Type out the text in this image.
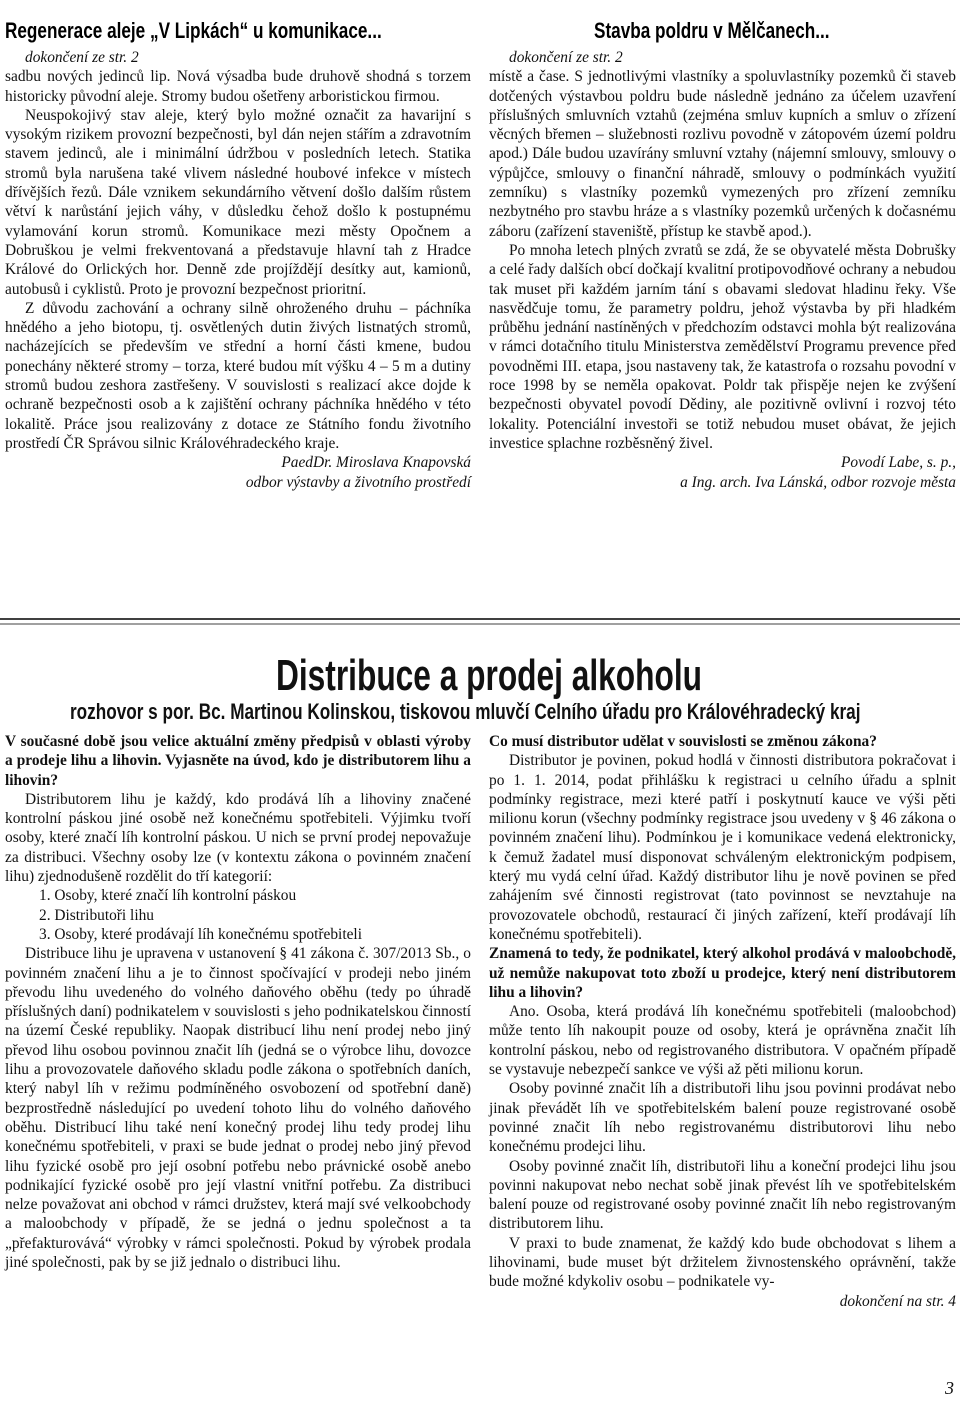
Regenerace aleje „V Lipkách“ u komunikace...

dokončení ze str. 2

sadbu nových jedinců lip. Nová výsadba bude druhově shodná s torzem historicky původní aleje. Stromy budou ošetřeny arboristickou firmou.

Neuspokojivý stav aleje, který bylo možné označit za havarijní s vysokým rizikem provozní bezpečnosti, byl dán nejen stářím a zdravotním stavem jedinců, ale i minimální údržbou v posledních letech. Statika stromů byla narušena také vlivem následné houbové infekce v místech dřívějších řezů. Dále vznikem sekundárního větvení došlo dalším růstem větví k narůstání jejich váhy, v důsledku čehož došlo k postupnému vylamování korun stromů. Komunikace mezi městy Opočnem a Dobruškou je velmi frekventovaná a představuje hlavní tah z Hradce Králové do Orlických hor. Denně zde projíždějí desítky aut, kamionů, autobusů i cyklistů. Proto je provozní bezpečnost prioritní.

Z důvodu zachování a ochrany silně ohroženého druhu – páchníka hnědého a jeho biotopu, tj. osvětlených dutin živých listnatých stromů, nacházejících se především ve střední a horní části kmene, budou ponechány některé stromy – torza, které budou mít výšku 4 – 5 m a dutiny stromů budou zeshora zastřešeny. V souvislosti s realizací akce dojde k ochraně bezpečnosti osob a k zajištění ochrany páchníka hnědého v této lokalitě. Práce jsou realizovány z dotace ze Státního fondu životního prostředí ČR Správou silnic Královéhradeckého kraje.

PaedDr. Miroslava Knapovská

odbor výstavby a životního prostředí

Stavba poldru v Mělčanech...

dokončení ze str. 2

místě a čase. S jednotlivými vlastníky a spoluvlastníky pozemků či staveb dotčených výstavbou poldru bude následně jednáno za účelem uzavření příslušných smluvních vztahů (zejména smluv kupních a smluv o zřízení věcných břemen – služebnosti rozlivu povodně v zátopovém území poldru apod.) Dále budou uzavírány smluvní vztahy (nájemní smlouvy, smlouvy o výpůjčce, smlouvy o finanční náhradě, smlouvy o podmínkách využití zemníku) s vlastníky pozemků vymezených pro zřízení zemníku nezbytného pro stavbu hráze a s vlastníky pozemků určených k dočasnému záboru (zařízení staveniště, přístup ke stavbě apod.).

Po mnoha letech plných zvratů se zdá, že se obyvatelé města Dobrušky a celé řady dalších obcí dočkají kvalitní protipovodňové ochrany a nebudou tak muset při každém jarním tání s obavami sledovat hladinu řeky. Vše nasvědčuje tomu, že parametry poldru, jehož výstavba by při hladkém průběhu jednání nastíněných v předchozím odstavci mohla být realizována v rámci dotačního titulu Ministerstva zemědělství Programu prevence před povodněmi III. etapa, jsou nastaveny tak, že katastrofa o rozsahu povodní v roce 1998 by se neměla opakovat. Poldr tak přispěje nejen ke zvýšení bezpečnosti obyvatel povodí Dědiny, ale pozitivně ovlivní i rozvoj této lokality. Potenciální investoři se totiž nebudou muset obávat, že jejich investice splachne rozběsněný živel.

Povodí Labe, s. p.,

a Ing. arch. Iva Lánská, odbor rozvoje města

Distribuce a prodej alkoholu
rozhovor s por. Bc. Martinou Kolinskou, tiskovou mluvčí Celního úřadu pro Královéhradecký kraj

V současné době jsou velice aktuální změny předpisů v oblasti výroby a prodeje lihu a lihovin. Vyjasněte na úvod, kdo je distributorem lihu a lihovin?

Distributorem lihu je každý, kdo prodává líh a lihoviny značené kontrolní páskou jiné osobě než konečnému spotřebiteli. Výjimku tvoří osoby, které značí líh kontrolní páskou. U nich se první prodej nepovažuje za distribuci. Všechny osoby lze (v kontextu zákona o povinném značení lihu) zjednodušeně rozdělit do tří kategorií:

1. Osoby, které značí líh kontrolní páskou

2. Distributoři lihu

3. Osoby, které prodávají líh konečnému spotřebiteli

Distribuce lihu je upravena v ustanovení § 41 zákona č. 307/2013 Sb., o povinném značení lihu a je to činnost spočívající v prodeji nebo jiném převodu lihu uvedeného do volného daňového oběhu (tedy po úhradě příslušných daní) podnikatelem v souvislosti s jeho podnikatelskou činností na území České republiky. Naopak distribucí lihu není prodej nebo jiný převod lihu osobou povinnou značit líh (jedná se o výrobce lihu, dovozce lihu a provozovatele daňového skladu podle zákona o spotřebních daních, který nabyl líh v režimu podmíněného osvobození od spotřební daně) bezprostředně následující po uvedení tohoto lihu do volného daňového oběhu. Distribucí lihu také není konečný prodej lihu tedy prodej lihu konečnému spotřebiteli, v praxi se bude jednat o prodej nebo jiný převod lihu fyzické osobě pro její osobní potřebu nebo právnické osobě anebo podnikající fyzické osobě pro její vlastní vnitřní potřebu. Za distribuci nelze považovat ani obchod v rámci družstev, která mají své velkoobchody a maloobchody v případě, že se jedná o jednu společnost a ta „přefakturovává“ výrobky v rámci společnosti. Pokud by výrobek prodala jiné společnosti, pak by se již jednalo o distribuci lihu.

Co musí distributor udělat v souvislosti se změnou zákona?

Distributor je povinen, pokud hodlá v činnosti distributora pokračovat i po 1. 1. 2014, podat přihlášku k registraci u celního úřadu a splnit podmínky registrace, mezi které patří i poskytnutí kauce ve výši pěti milionu korun (všechny podmínky registrace jsou uvedeny v § 46 zákona o povinném značení lihu). Podmínkou je i komunikace vedená elektronicky, k čemuž žadatel musí disponovat schváleným elektronickým podpisem, který mu vydá celní úřad. Každý distributor lihu je nově povinen se před zahájením své činnosti registrovat (tato povinnost se nevztahuje na provozovatele obchodů, restaurací či jiných zařízení, kteří prodávají líh konečnému spotřebiteli).

Znamená to tedy, že podnikatel, který alkohol prodává v maloobchodě, už nemůže nakupovat toto zboží u prodejce, který není distributorem lihu a lihovin?

Ano. Osoba, která prodává líh konečnému spotřebiteli (maloobchod) může tento líh nakoupit pouze od osoby, která je oprávněna značit líh kontrolní páskou, nebo od registrovaného distributora. V opačném případě se vystavuje nebezpečí sankce ve výši až pěti milionu korun.

Osoby povinné značit líh a distributoři lihu jsou povinni prodávat nebo jinak převádět líh ve spotřebitelském balení pouze registrované osobě povinné značit líh nebo registrovanému distributorovi lihu nebo konečnému prodejci lihu.

Osoby povinné značit líh, distributoři lihu a koneční prodejci lihu jsou povinni nakupovat nebo nechat sobě jinak převést líh ve spotřebitelském balení pouze od registrované osoby povinné značit líh nebo registrovaným distributorem lihu.

V praxi to bude znamenat, že každý kdo bude obchodovat s lihem a lihovinami, bude muset být držitelem živnostenského oprávnění, takže bude možné kdykoliv osobu – podnikatele vy-

dokončení na str. 4

3
